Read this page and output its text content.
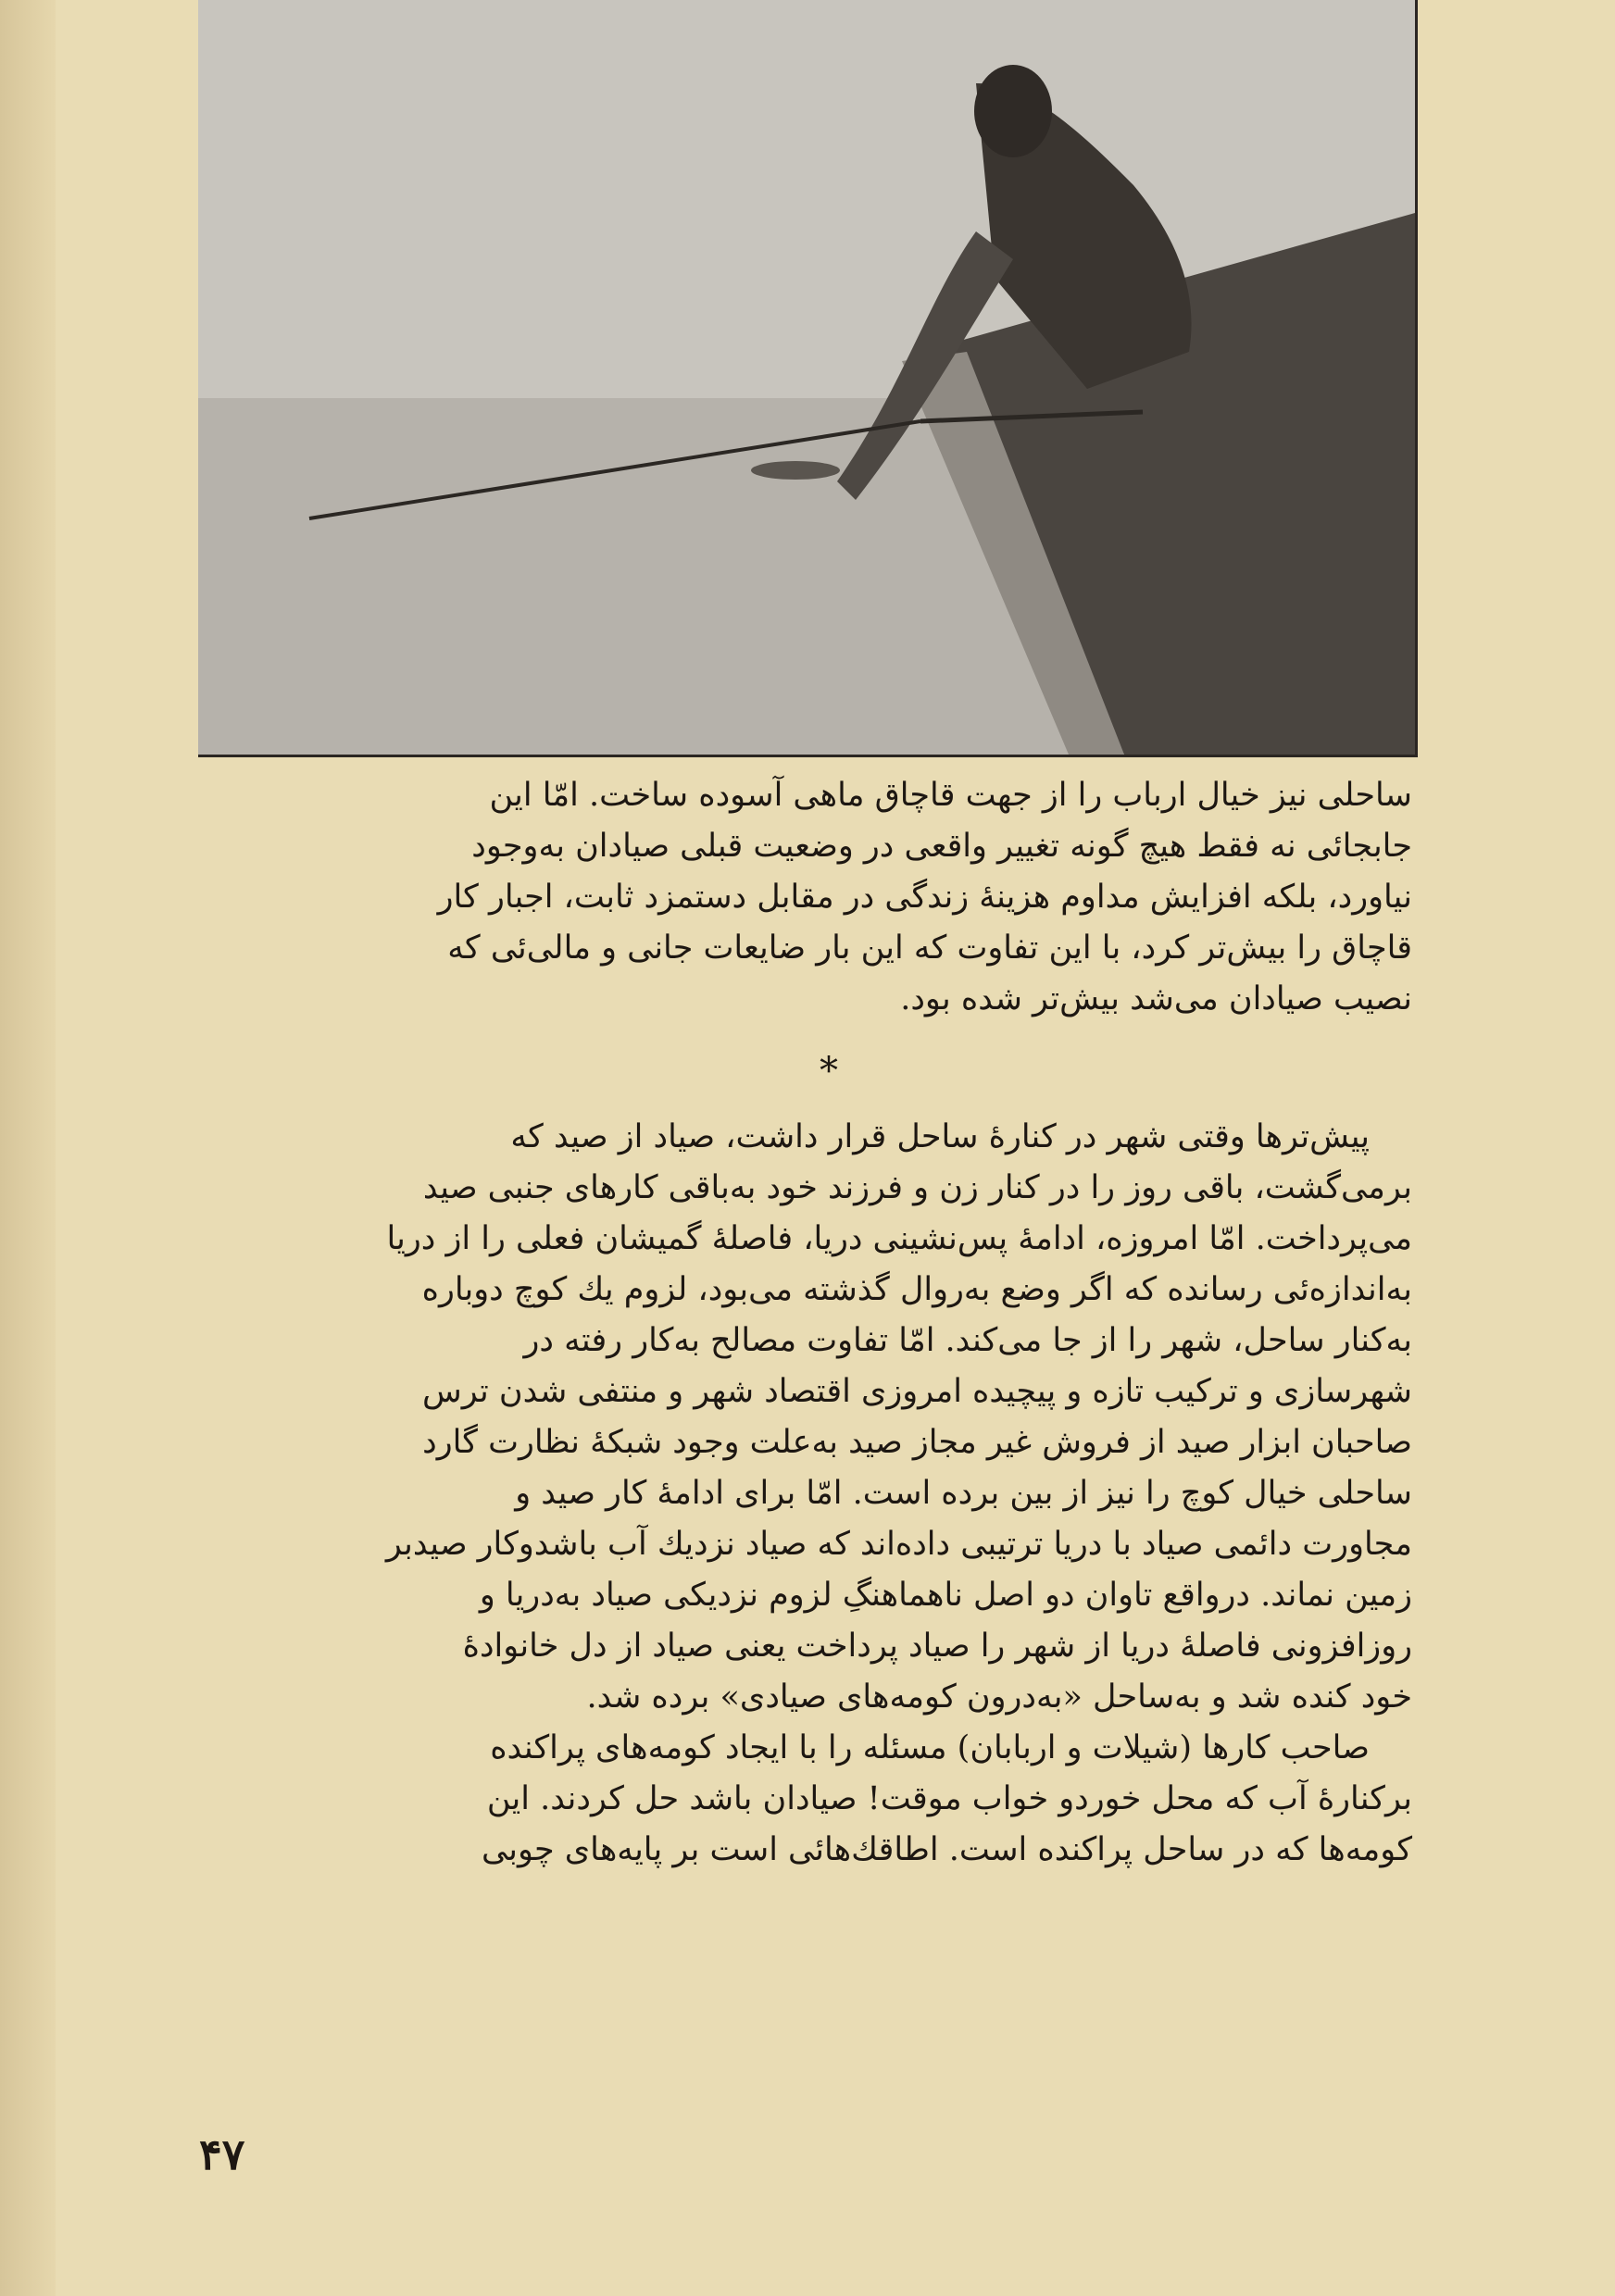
ساحلی نیز خیال ارباب را از جهت قاچاق ماهی آسوده ساخت. امّا این
جابجائی نه فقط هیچ گونه تغییر واقعی در وضعیت قبلی صیادان به‌وجود
نیاورد، بلکه افزایش مداوم هزینهٔ زندگی در مقابل دستمزد ثابت، اجبار کار
قاچاق را بیش‌تر کرد، با این تفاوت که این بار ضایعات جانی و مالی‌ئی که
نصیب صیادان می‌شد بیش‌تر شده بود.

*

پیش‌ترها وقتی شهر در کنارهٔ ساحل قرار داشت، صیاد از صید که
برمی‌گشت، باقی روز را در کنار زن و فرزند خود به‌باقی کارهای جنبی صید
می‌پرداخت. امّا امروزه، ادامهٔ پس‌نشینی دریا، فاصلهٔ گمیشان فعلی را از دریا
به‌اندازه‌ئی رسانده که اگر وضع به‌روال گذشته می‌بود، لزوم یك کوچ دوباره
به‌کنار ساحل، شهر را از جا می‌کند. امّا تفاوت مصالح به‌کار رفته در
شهرسازی و ترکیب تازه و پیچیده امروزی اقتصاد شهر و منتفی شدن ترس
صاحبان ابزار صید از فروش غیر مجاز صید به‌علت وجود شبکهٔ نظارت گارد
ساحلی خیال کوچ را نیز از بین برده است. امّا برای ادامهٔ کار صید و
مجاورت دائمی صیاد با دریا ترتیبی داده‌اند که صیاد نزدیك آب باشدوکار صیدبر
زمین نماند. درواقع تاوان دو اصل ناهماهنگِ لزوم نزدیکی صیاد به‌دریا و
روزافزونی فاصلهٔ دریا از شهر را صیاد پرداخت یعنی صیاد از دل خانوادهٔ
خود کنده شد و به‌ساحل «به‌درون کومه‌های صیادی» برده شد.

صاحب کارها (شیلات و اربابان) مسئله را با ایجاد کومه‌های پراکنده
برکنارهٔ آب که محل خوردو خواب موقت! صیادان باشد حل کردند. این
کومه‌ها که در ساحل پراکنده است. اطاقك‌هائی است بر پایه‌های چوبی

۴۷
